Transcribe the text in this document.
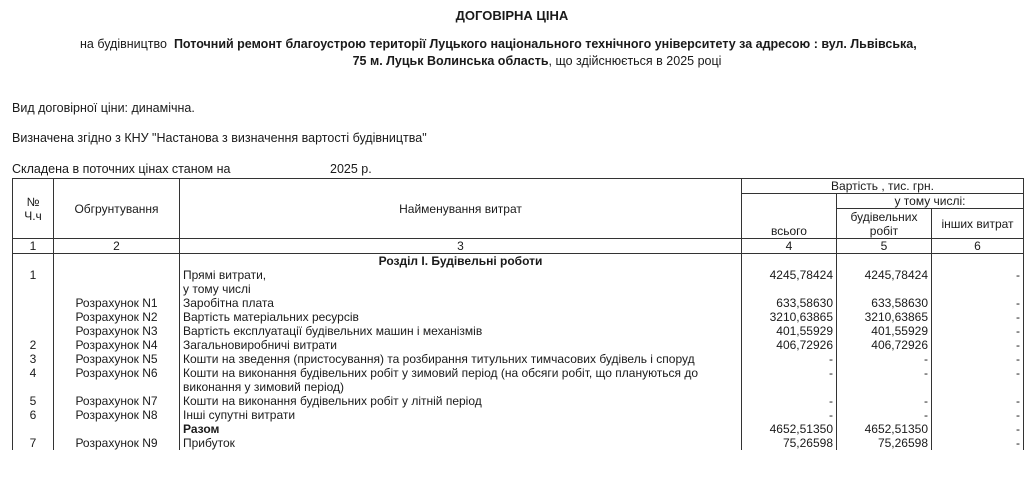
ДОГОВІРНА ЦІНА
на будівництво Поточний ремонт благоустрою території Луцького національного технічного університету за адресою : вул. Львівська,
75 м. Луцьк Волинська область, що здійснюється в 2025 році
Вид договірної ціни: динамічна.
Визначена згідно з КНУ "Настанова з визначення вартості будівництва"
Складена в поточних цінах станом на	2025 р.
№
Ч.ч	Обгрунтування	Найменування витрат	Вартість , тис. грн.		
			всього	у тому числі:	
				будівельних робіт	інших витрат
1	2	3	4	5	6
		Розділ I. Будівельні роботи			
1		Прямі витрати,	4245,78424	4245,78424	-
		у тому числі			
	Розрахунок N1	Заробітна плата	633,58630	633,58630	-
	Розрахунок N2	Вартість матеріальних ресурсів	3210,63865	3210,63865	-
	Розрахунок N3	Вартість експлуатації будівельних машин і механізмів	401,55929	401,55929	-
2	Розрахунок N4	Загальновиробничі витрати	406,72926	406,72926	-
3	Розрахунок N5	Кошти на зведення (пристосування) та розбирання титульних тимчасових будівель і споруд	-	-	-
4	Розрахунок N6	Кошти на виконання будівельних робіт у зимовий період (на обсяги робіт, що плануються до виконання у зимовий період)	-	-	-
5	Розрахунок N7	Кошти на виконання будівельних робіт у літній період	-	-	-
6	Розрахунок N8	Інші супутні витрати	-	-	-
		Разом	4652,51350	4652,51350	-
7	Розрахунок N9	Прибуток	75,26598	75,26598	-
